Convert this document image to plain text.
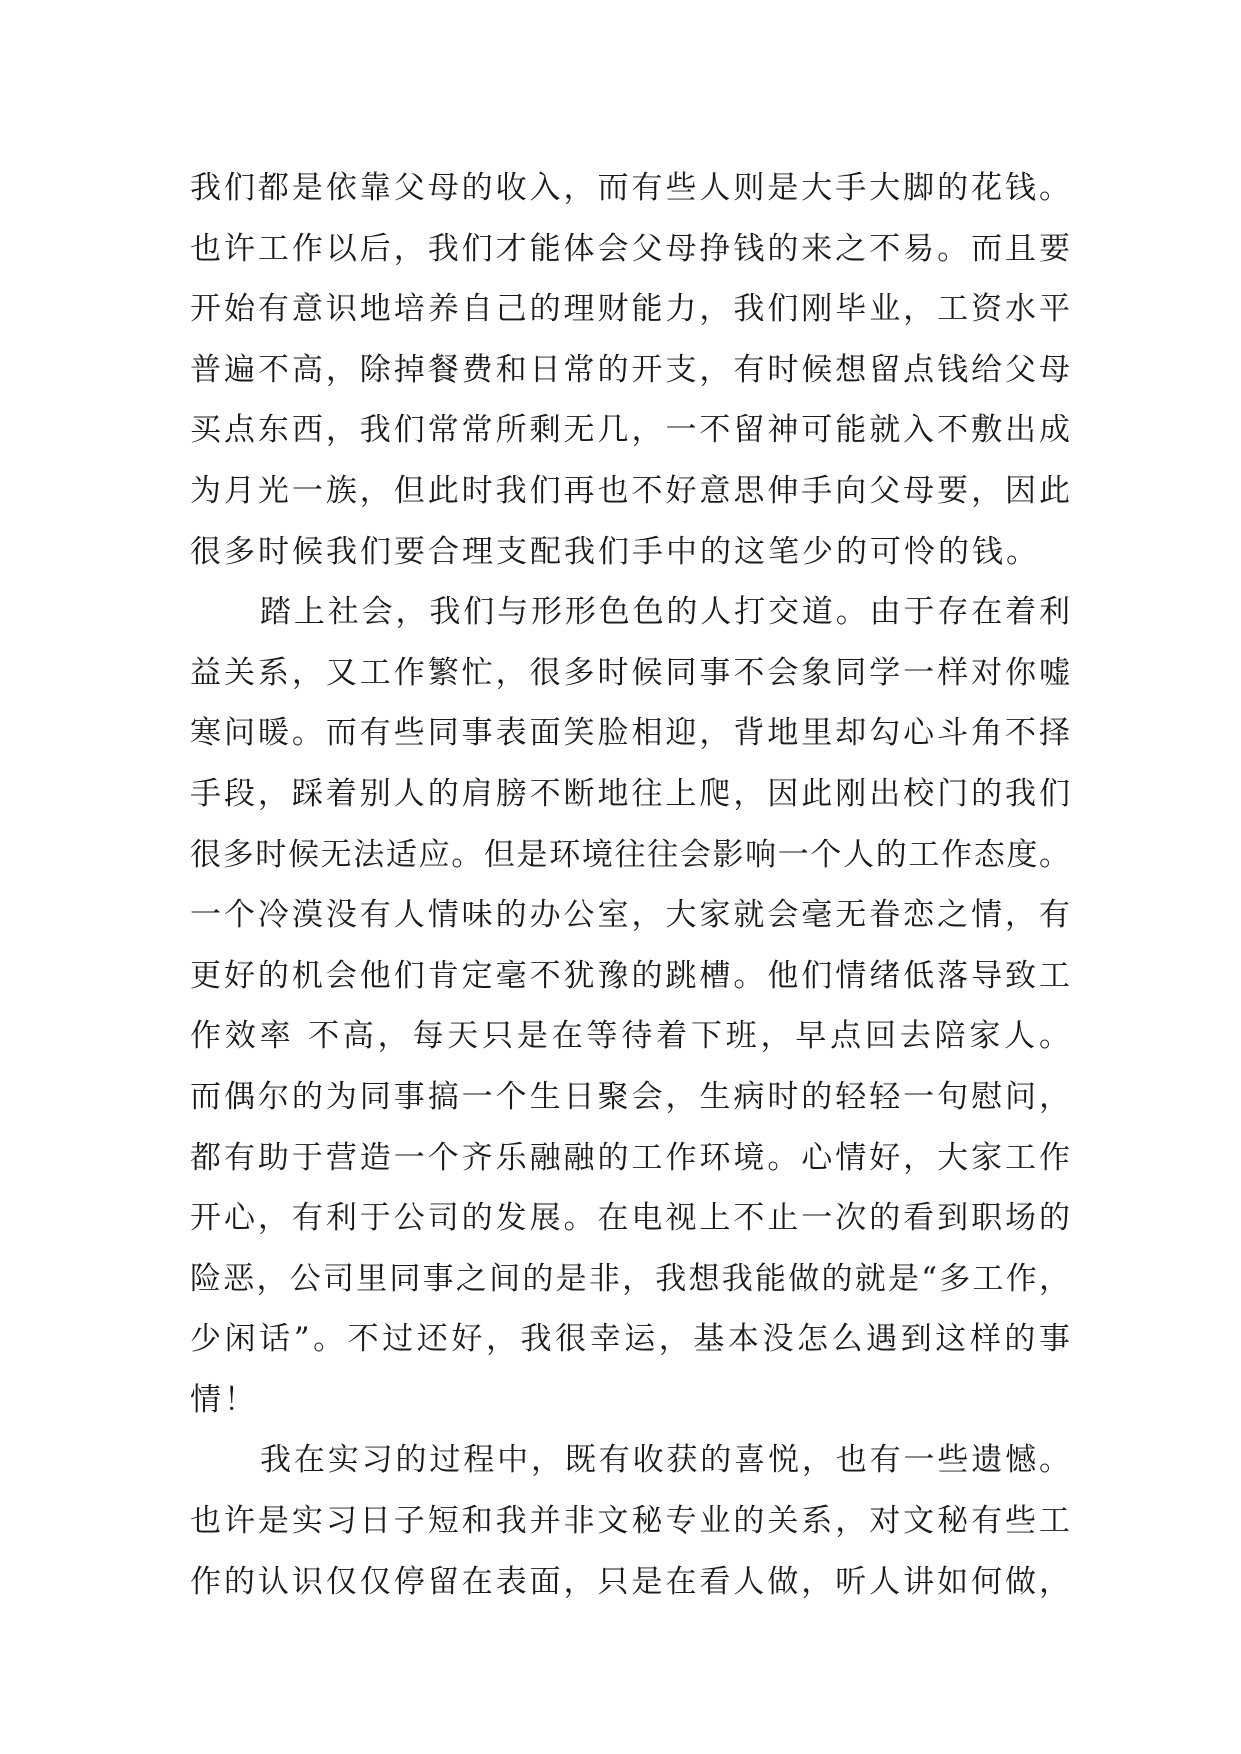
我们都是依靠父母的收入，而有些人则是大手大脚的花钱。
也许工作以后，我们才能体会父母挣钱的来之不易。而且要
开始有意识地培养自己的理财能力，我们刚毕业，工资水平
普遍不高，除掉餐费和日常的开支，有时候想留点钱给父母
买点东西，我们常常所剩无几，一不留神可能就入不敷出成
为月光一族，但此时我们再也不好意思伸手向父母要，因此
很多时候我们要合理支配我们手中的这笔少的可怜的钱。
踏上社会，我们与形形色色的人打交道。由于存在着利
益关系，又工作繁忙，很多时候同事不会象同学一样对你嘘
寒问暖。而有些同事表面笑脸相迎，背地里却勾心斗角不择
手段，踩着别人的肩膀不断地往上爬，因此刚出校门的我们
很多时候无法适应。但是环境往往会影响一个人的工作态度。
一个冷漠没有人情味的办公室，大家就会毫无眷恋之情，有
更好的机会他们肯定毫不犹豫的跳槽。他们情绪低落导致工
作效率 不高，每天只是在等待着下班，早点回去陪家人。
而偶尔的为同事搞一个生日聚会，生病时的轻轻一句慰问，
都有助于营造一个齐乐融融的工作环境。心情好，大家工作
开心，有利于公司的发展。在电视上不止一次的看到职场的
险恶，公司里同事之间的是非，我想我能做的就是“多工作，
少闲话”。不过还好，我很幸运，基本没怎么遇到这样的事
情！
我在实习的过程中，既有收获的喜悦，也有一些遗憾。
也许是实习日子短和我并非文秘专业的关系，对文秘有些工
作的认识仅仅停留在表面，只是在看人做，听人讲如何做，
